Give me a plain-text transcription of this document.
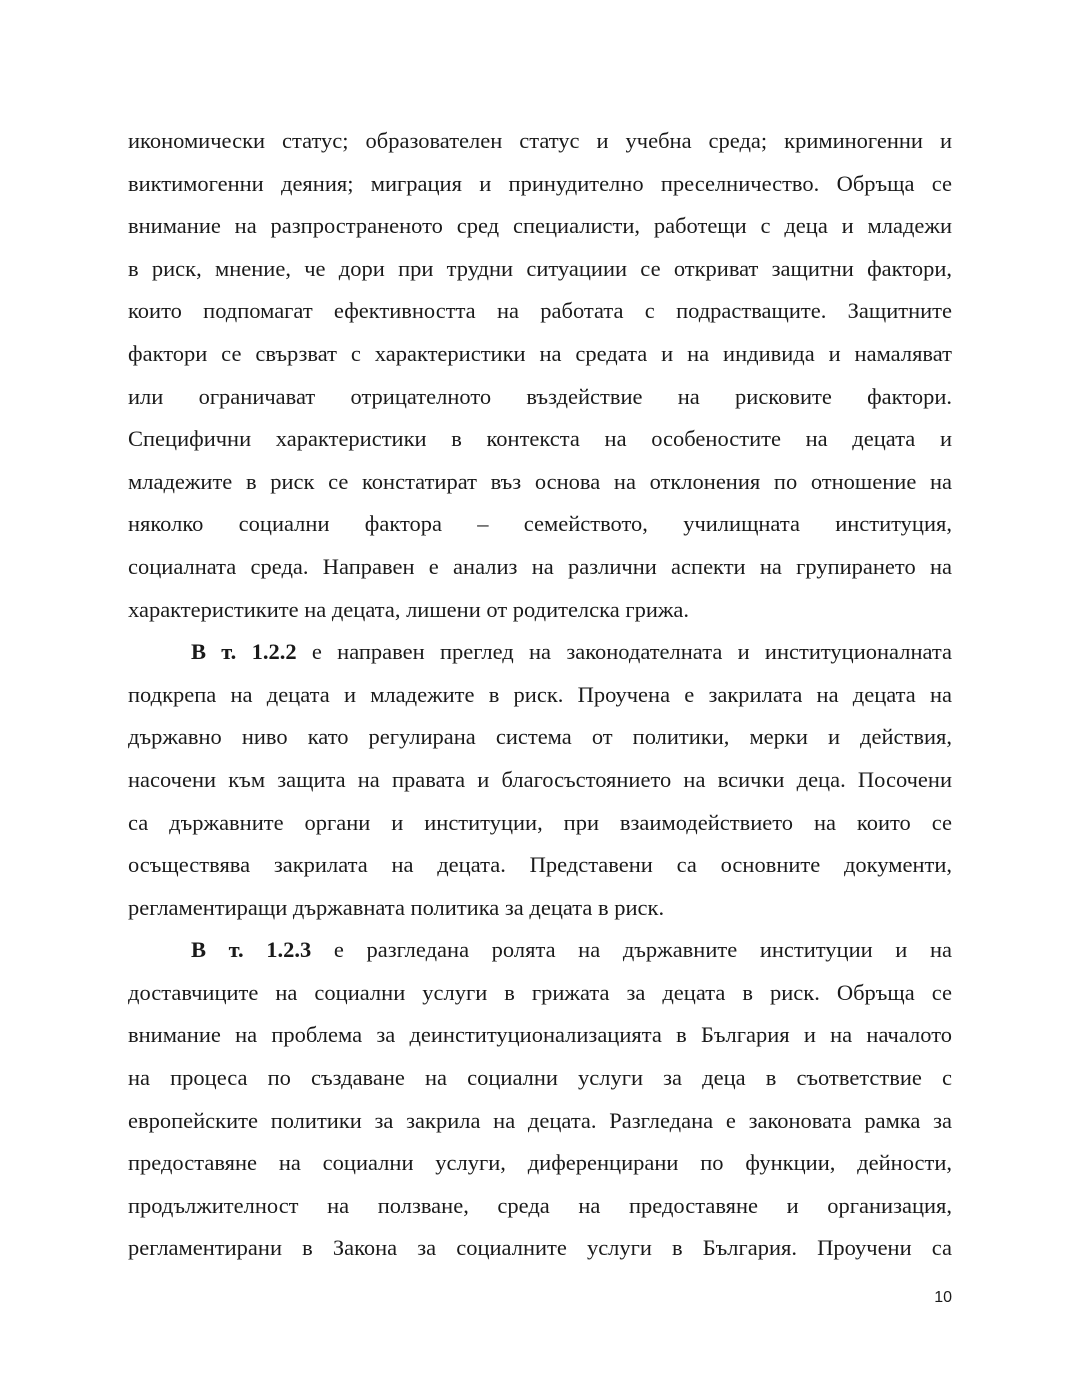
икономически статус; образователен статус и учебна среда; криминогенни и
виктимогенни деяния; миграция и принудително преселничество. Обръща се
внимание на разпространеното сред специалисти, работещи с деца и младежи
в риск, мнение, че дори при трудни ситуациии се откриват защитни фактори,
които подпомагат ефективността на работата с подрастващите. Защитните
фактори се свързват с характеристики на средата и на индивида и намаляват
или ограничават отрицателното въздействие на рисковите фактори.
Специфични характеристики в контекста на особеностите на децата и
младежите в риск се констатират въз основа на отклонения по отношение на
няколко социални фактора – семейството, училищната институция,
социалната среда. Направен е анализ на различни аспекти на групирането на
характеристиките на децата, лишени от родителска грижа.
В т. 1.2.2 е направен преглед на законодателната и институционалната
подкрепа на децата и младежите в риск. Проучена е закрилата на децата на
държавно ниво като регулирана система от политики, мерки и действия,
насочени към защита на правата и благосъстоянието на всички деца. Посочени
са държавните органи и институции, при взаимодействието на които се
осъществява закрилата на децата. Представени са основните документи,
регламентиращи държавната политика за децата в риск.
В т. 1.2.3 е разгледана ролята на държавните институции и на
доставчиците на социални услуги в грижата за децата в риск. Обръща се
внимание на проблема за деинституционализацията в България и на началото
на процеса по създаване на социални услуги за деца в съответствие с
европейските политики за закрила на децата. Разгледана е законовата рамка за
предоставяне на социални услуги, диференцирани по функции, дейности,
продължителност на ползване, среда на предоставяне и организация,
регламентирани в Закона за социалните услуги в България. Проучени са
10
